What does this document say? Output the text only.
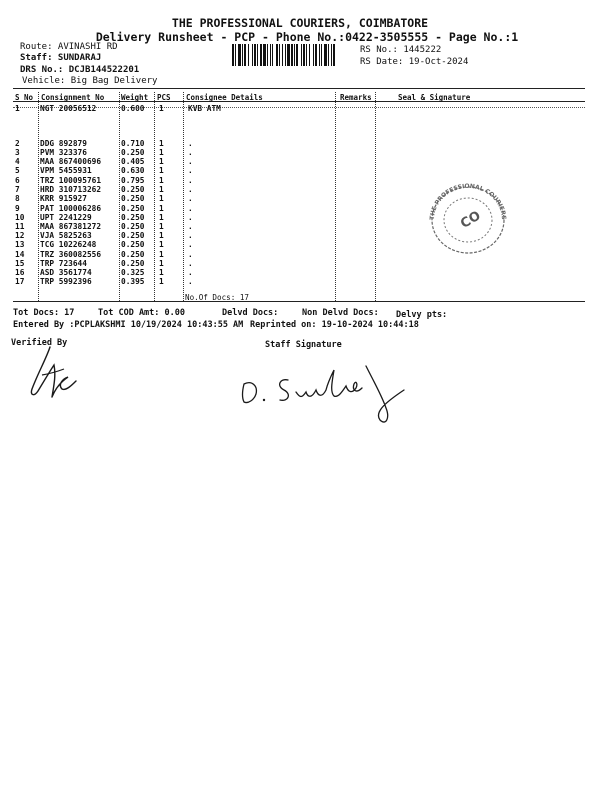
THE PROFESSIONAL COURIERS, COIMBATORE
Delivery Runsheet - PCP - Phone No.:0422-3505555 - Page No.:1
Route: AVINASHI RD
Staff: SUNDARAJ
DRS No.: DCJB144522201
Vehicle: Big Bag Delivery
RS No.: 1445222
RS Date: 19-Oct-2024
S No Consignment No Weight PCS Consignee Details	Remarks	Seal & Signature
1	NGT 20056512	0.600 1	KVB ATM
2	DDG 892879	0.710 1	.
3	PVM 323376	0.250 1	.
4	MAA 867400696	0.405 1	.
5	VPM 5455931	0.630 1	.
6	TRZ 100095761	0.795 1	.
7	HRD 310713262	0.250 1	.
8	KRR 915927	0.250 1	.
9	PAT 100006286	0.250 1	.
10 UPT 2241229	0.250 1	.
11 MAA 867381272	0.250 1	.
12 VJA 5825263	0.250 1	.
13 TCG 10226248	0.250 1	.
14 TRZ 360082556	0.250 1	.
15 TRP 723644	0.250 1	.
16 ASD 3561774	0.325 1	.
17 TRP 5992396	0.395 1	.
No.Of Docs: 17
THE PROFESSIONAL COURIERS
CO
Tot Docs: 17	Tot COD Amt: 0.00	Delvd Docs:	Non Delvd Docs: Delvy pts:
Entered By :PCPLAKSHMI 10/19/2024 10:43:55 AM Reprinted on: 19-10-2024 10:44:18
Verified By	Staff Signature
